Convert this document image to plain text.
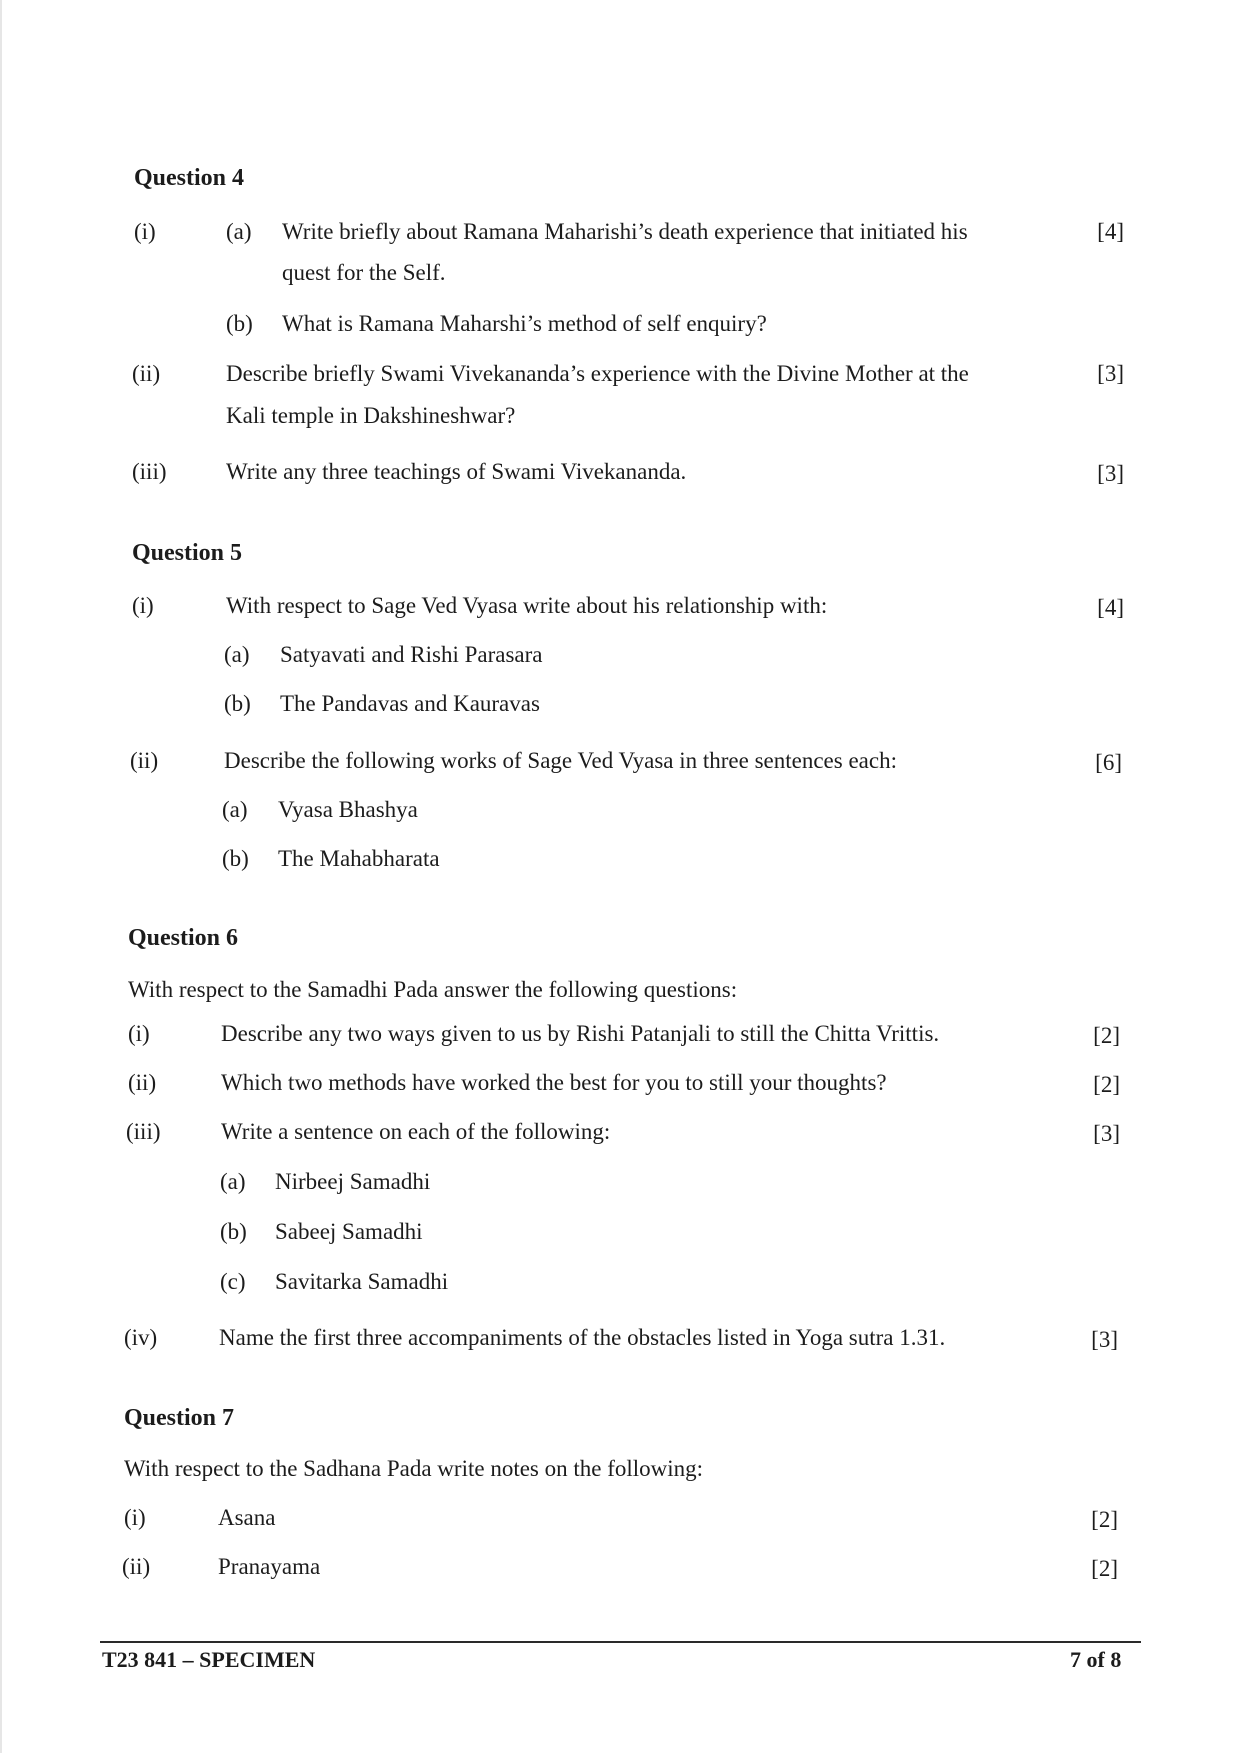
Question 4
(i)	(a) Write briefly about Ramana Maharishi’s death experience that initiated his	[4]
quest for the Self.
(b) What is Ramana Maharshi’s method of self enquiry?
(ii)	Describe briefly Swami Vivekananda’s experience with the Divine Mother at the	[3]
Kali temple in Dakshineshwar?
(iii)	Write any three teachings of Swami Vivekananda.	[3]
Question 5
(i)	With respect to Sage Ved Vyasa write about his relationship with:	[4]
(a) Satyavati and Rishi Parasara
(b) The Pandavas and Kauravas
(ii)	Describe the following works of Sage Ved Vyasa in three sentences each:	[6]
(a) Vyasa Bhashya
(b) The Mahabharata
Question 6
With respect to the Samadhi Pada answer the following questions:
(i)	Describe any two ways given to us by Rishi Patanjali to still the Chitta Vrittis.	[2]
(ii)	Which two methods have worked the best for you to still your thoughts?	[2]
(iii)	Write a sentence on each of the following:	[3]
(a) Nirbeej Samadhi
(b) Sabeej Samadhi
(c) Savitarka Samadhi
(iv)	Name the first three accompaniments of the obstacles listed in Yoga sutra 1.31.	[3]
Question 7
With respect to the Sadhana Pada write notes on the following:
(i)	Asana	[2]
(ii)	Pranayama	[2]
T23 841 – SPECIMEN	7 of 8
